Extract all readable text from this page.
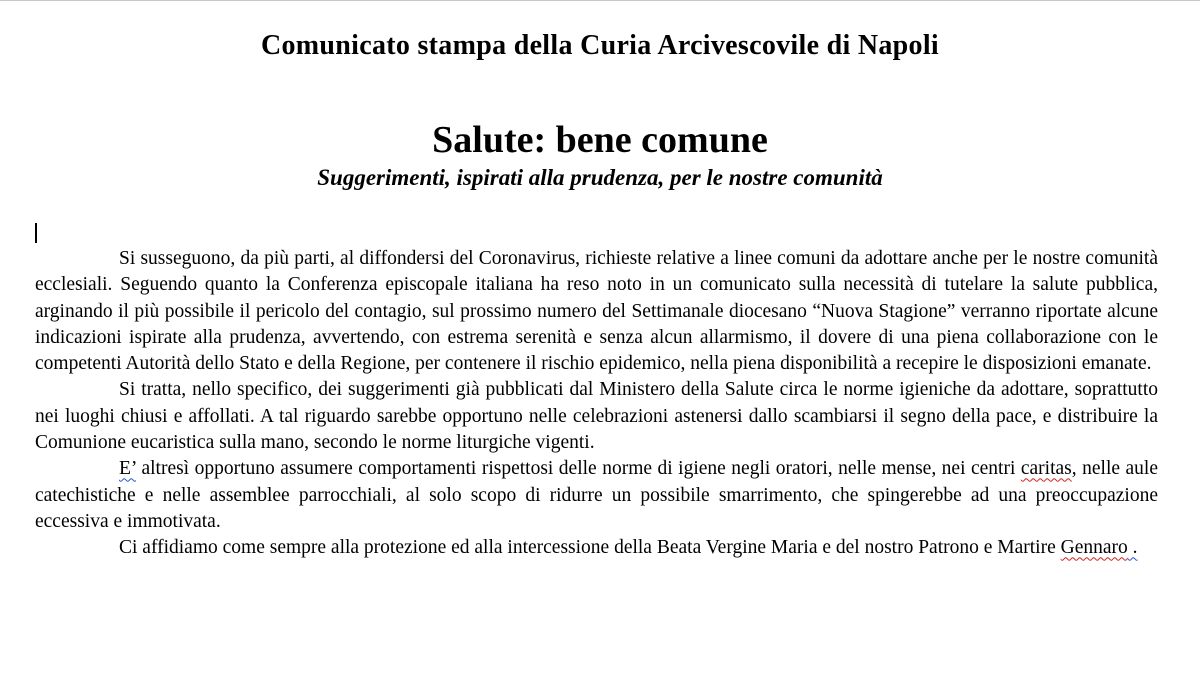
Comunicato stampa della Curia Arcivescovile di Napoli
Salute: bene comune
Suggerimenti, ispirati alla prudenza, per le nostre comunità

Si susseguono, da più parti, al diffondersi del Coronavirus, richieste relative a linee comuni da adottare anche per le nostre comunità ecclesiali. Seguendo quanto la Conferenza episcopale italiana ha reso noto in un comunicato sulla necessità di tutelare la salute pubblica, arginando il più possibile il pericolo del contagio, sul prossimo numero del Settimanale diocesano “Nuova Stagione” verranno riportate alcune indicazioni ispirate alla prudenza, avvertendo, con estrema serenità e senza alcun allarmismo, il dovere di una piena collaborazione con le competenti Autorità dello Stato e della Regione, per contenere il rischio epidemico, nella piena disponibilità a recepire le disposizioni emanate.

Si tratta, nello specifico, dei suggerimenti già pubblicati dal Ministero della Salute circa le norme igieniche da adottare, soprattutto nei luoghi chiusi e affollati. A tal riguardo sarebbe opportuno nelle celebrazioni astenersi dallo scambiarsi il segno della pace, e distribuire la Comunione eucaristica sulla mano, secondo le norme liturgiche vigenti.

E’ altresì opportuno assumere comportamenti rispettosi delle norme di igiene negli oratori, nelle mense, nei centri caritas, nelle aule catechistiche e nelle assemblee parrocchiali, al solo scopo di ridurre un possibile smarrimento, che spingerebbe ad una preoccupazione eccessiva e immotivata.

Ci affidiamo come sempre alla protezione ed alla intercessione della Beata Vergine Maria e del nostro Patrono e Martire Gennaro .
